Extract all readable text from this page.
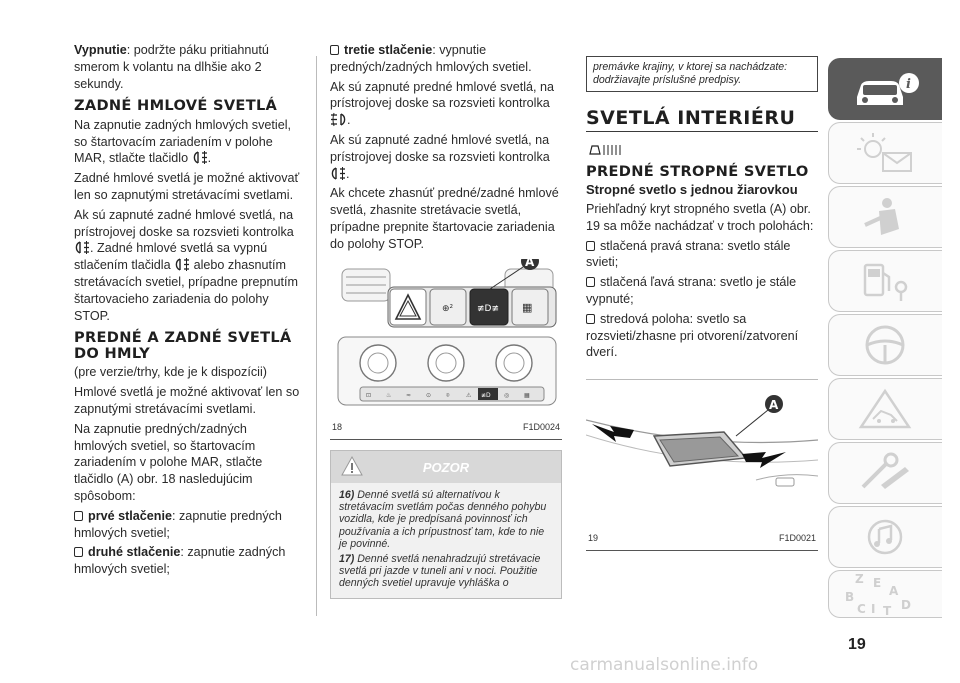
Vypnutie: podržte páku pritiahnutú smerom k volantu na dlhšie ako 2 sekundy.

ZADNÉ HMLOVÉ SVETLÁ

Na zapnutie zadných hmlových svetiel, so štartovacím zariadením v polohe MAR, stlačte tlačidlo .

Zadné hmlové svetlá je možné aktivovať len so zapnutými stretávacími svetlami.

Ak sú zapnuté zadné hmlové svetlá, na prístrojovej doske sa rozsvieti kontrolka . Zadné hmlové svetlá sa vypnú stlačením tlačidla  alebo zhasnutím stretávacích svetiel, prípadne prepnutím štartovacieho zariadenia do polohy STOP.

PREDNÉ A ZADNÉ SVETLÁ DO HMLY

(pre verzie/trhy, kde je k dispozícii)

Hmlové svetlá je možné aktivovať len so zapnutými stretávacími svetlami.

Na zapnutie predných/zadných hmlových svetiel, so štartovacím zariadením v polohe MAR, stlačte tlačidlo (A) obr. 18 nasledujúcim spôsobom:

prvé stlačenie: zapnutie predných hmlových svetiel;

druhé stlačenie: zapnutie zadných hmlových svetiel;

tretie stlačenie: vypnutie predných/zadných hmlových svetiel.

Ak sú zapnuté predné hmlové svetlá, na prístrojovej doske sa rozsvieti kontrolka .

Ak sú zapnuté zadné hmlové svetlá, na prístrojovej doske sa rozsvieti kontrolka .

Ak chcete zhasnúť predné/zadné hmlové svetlá, zhasnite stretávacie svetlá, prípadne prepnite štartovacie zariadenia do polohy STOP.

⊕²	≢D≢ ▦
A
⊡ ♨ ≈ ⊙ ⌾	⚠ ≢D ◎ ▦
18	F1D0024
POZOR

16) Denné svetlá sú alternatívou k stretávacím svetlám počas denného pohybu vozidla, kde je predpísaná povinnosť ich používania a ich prípustnosť tam, kde to nie je povinné.

17) Denné svetlá nenahradzujú stretávacie svetlá pri jazde v tuneli ani v noci. Použitie denných svetiel upravuje vyhláška o

premávke krajiny, v ktorej sa nachádzate: dodržiavajte príslušné predpisy.
SVETLÁ INTERIÉRU
PREDNÉ STROPNÉ SVETLO
Stropné svetlo s jednou žiarovkou

Priehľadný kryt stropného svetla (A) obr. 19 sa môže nachádzať v troch polohách:

stlačená pravá strana: svetlo stále svieti;

stlačená ľavá strana: svetlo je stále vypnuté;

stredová poloha: svetlo sa rozsvieti/zhasne pri otvorení/zatvorení dverí.

A
19	F1D0021
i
Z E
A
B
D
C T
I
19
carmanualsonline.info
